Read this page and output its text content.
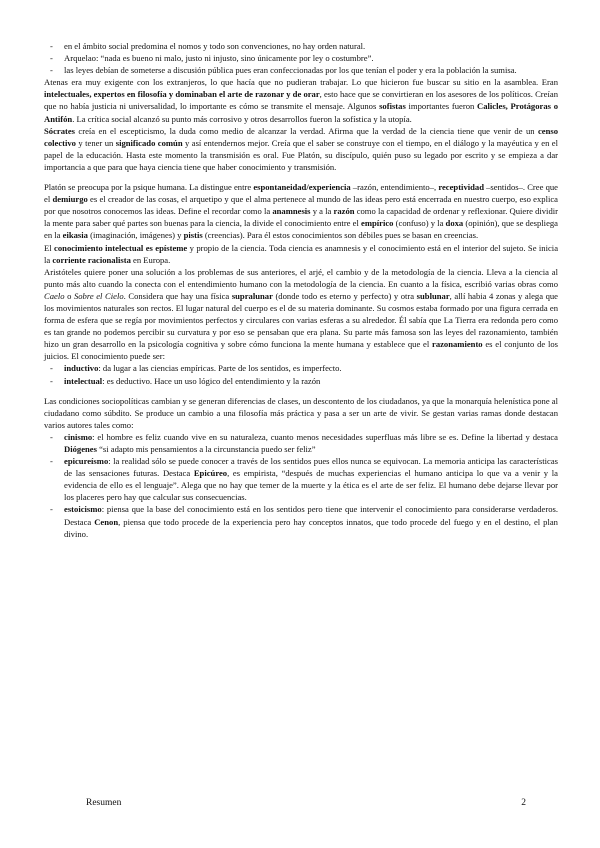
- en el ámbito social predomina el nomos y todo son convenciones, no hay orden natural.
- Arquelao: “nada es bueno ni malo, justo ni injusto, sino únicamente por ley o costumbre”.
- las leyes debían de someterse a discusión pública pues eran confeccionadas por los que tenían el poder y era la población la sumisa.

Atenas era muy exigente con los extranjeros, lo que hacía que no pudieran trabajar. Lo que hicieron fue buscar su sitio en la asamblea. Eran intelectuales, expertos en filosofía y dominaban el arte de razonar y de orar, esto hace que se convirtieran en los asesores de los políticos. Creían que no había justicia ni universalidad, lo importante es cómo se transmite el mensaje. Algunos sofistas importantes fueron Calicles, Protágoras o Antifón. La crítica social alcanzó su punto más corrosivo y otros desarrollos fueron la sofística y la utopía.

Sócrates creía en el escepticismo, la duda como medio de alcanzar la verdad. Afirma que la verdad de la ciencia tiene que venir de un censo colectivo y tener un significado común y así entendernos mejor. Creía que el saber se construye con el tiempo, en el diálogo y la mayéutica y en el papel de la educación. Hasta este momento la transmisión es oral. Fue Platón, su discípulo, quién puso su legado por escrito y se empieza a dar importancia a que para que haya ciencia tiene que haber conocimiento y transmisión.

Platón se preocupa por la psique humana. La distingue entre espontaneidad/experiencia –razón, entendimiento–, receptividad –sentidos–. Cree que el demiurgo es el creador de las cosas, el arquetipo y que el alma pertenece al mundo de las ideas pero está encerrada en nuestro cuerpo, eso explica por que nosotros conocemos las ideas. Define el recordar como la anamnesis y a la razón como la capacidad de ordenar y reflexionar. Quiere dividir la mente para saber qué partes son buenas para la ciencia, la divide el conocimiento entre el empírico (confuso) y la doxa (opinión), que se despliega en la eikasia (imaginación, imágenes) y pistis (creencias). Para él estos conocimientos son débiles pues se basan en creencias.

El conocimiento intelectual es epísteme y propio de la ciencia. Toda ciencia es anamnesis y el conocimiento está en el interior del sujeto. Se inicia la corriente racionalista en Europa.

Aristóteles quiere poner una solución a los problemas de sus anteriores, el arjé, el cambio y de la metodología de la ciencia. Lleva a la ciencia al punto más alto cuando la conecta con el entendimiento humano con la metodología de la ciencia. En cuanto a la física, escribió varias obras como Caelo o Sobre el Cielo. Considera que hay una física supralunar (donde todo es eterno y perfecto) y otra sublunar, allí habia 4 zonas y alega que los movimientos naturales son rectos. El lugar natural del cuerpo es el de su materia dominante. Su cosmos estaba formado por una figura cerrada en forma de esfera que se regía por movimientos perfectos y circulares con varias esferas a su alrededor. Él sabía que La Tierra era redonda pero como es tan grande no podemos percibir su curvatura y por eso se pensaban que era plana. Su parte más famosa son las leyes del razonamiento, también hizo un gran desarrollo en la psicología cognitiva y sobre cómo funciona la mente humana y establece que el razonamiento es el conjunto de los juicios. El conocimiento puede ser:

- inductivo: da lugar a las ciencias empíricas. Parte de los sentidos, es imperfecto.
- intelectual: es deductivo. Hace un uso lógico del entendimiento y la razón

Las condiciones sociopolíticas cambian y se generan diferencias de clases, un descontento de los ciudadanos, ya que la monarquía helenística pone al ciudadano como súbdito. Se produce un cambio a una filosofía más práctica y pasa a ser un arte de vivir. Se gestan varias ramas donde destacan varios autores tales como:

- cinismo: el hombre es feliz cuando vive en su naturaleza, cuanto menos necesidades superfluas más libre se es. Define la libertad y destaca Diógenes “si adapto mis pensamientos a la circunstancia puedo ser feliz”
- epicureísmo: la realidad sólo se puede conocer a través de los sentidos pues ellos nunca se equivocan. La memoria anticipa las características de las sensaciones futuras. Destaca Epicúreo, es empirista, “después de muchas experiencias el humano anticipa lo que va a venir y la evidencia de ello es el lenguaje”. Alega que no hay que temer de la muerte y la ética es el arte de ser feliz. El humano debe dejarse llevar por los placeres pero hay que calcular sus consecuencias.
- estoicismo: piensa que la base del conocimiento está en los sentidos pero tiene que intervenir el conocimiento para considerarse verdaderos. Destaca Cenon, piensa que todo procede de la experiencia pero hay conceptos innatos, que todo procede del fuego y en el destino, el plan divino.
Resumen	2
